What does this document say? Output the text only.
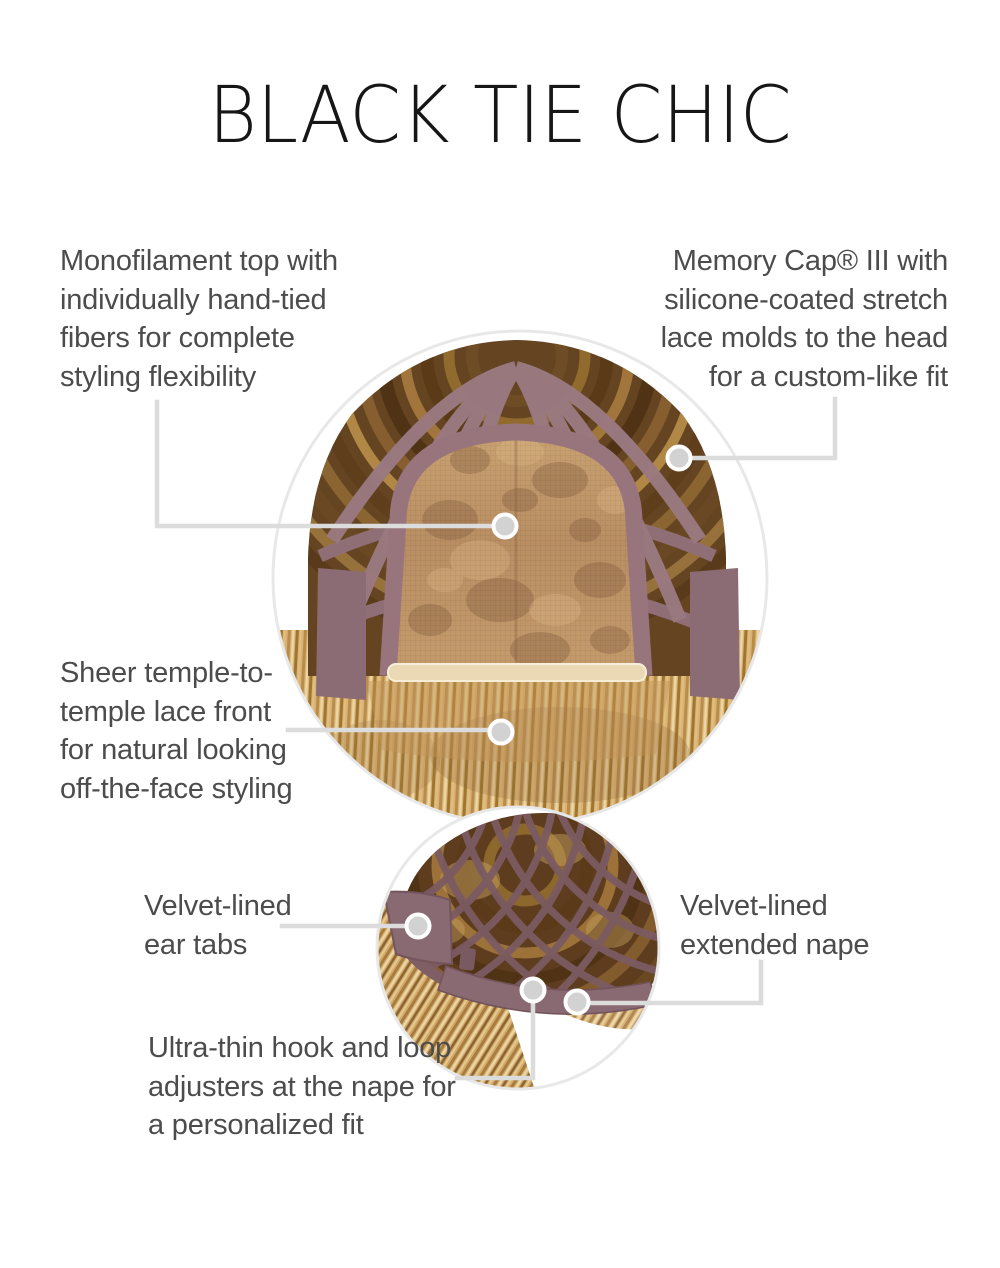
BLACK TIE CHIC
Monofilament top with
individually hand-tied
fibers for complete
styling flexibility
Memory Cap® III with
silicone-coated stretch
lace molds to the head
for a custom-like fit
Sheer temple-to-
temple lace front
for natural looking
off-the-face styling
Velvet-lined
ear tabs
Velvet-lined
extended nape
Ultra-thin hook and loop
adjusters at the nape for
a personalized fit
